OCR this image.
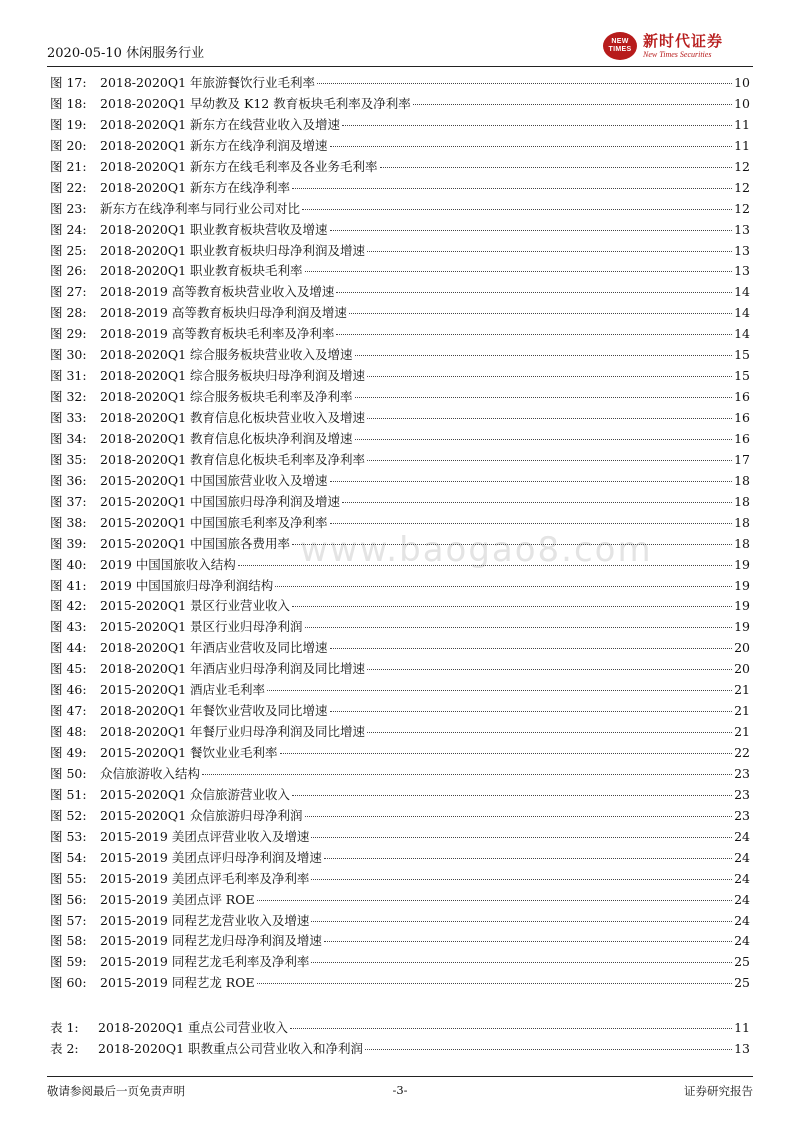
2020-05-10 休闲服务行业
NEW TIMES 新时代证券
New Times Securities
www.baogao8.com
图 17:	2018-2020Q1 年旅游餐饮行业毛利率	10
图 18:	2018-2020Q1 早幼教及 K12 教育板块毛利率及净利率	10
图 19:	2018-2020Q1 新东方在线营业收入及增速	11
图 20:	2018-2020Q1 新东方在线净利润及增速	11
图 21:	2018-2020Q1 新东方在线毛利率及各业务毛利率	12
图 22:	2018-2020Q1 新东方在线净利率	12
图 23:	新东方在线净利率与同行业公司对比	12
图 24:	2018-2020Q1 职业教育板块营收及增速	13
图 25:	2018-2020Q1 职业教育板块归母净利润及增速	13
图 26:	2018-2020Q1 职业教育板块毛利率	13
图 27:	2018-2019 高等教育板块营业收入及增速	14
图 28:	2018-2019 高等教育板块归母净利润及增速	14
图 29:	2018-2019 高等教育板块毛利率及净利率	14
图 30:	2018-2020Q1 综合服务板块营业收入及增速	15
图 31:	2018-2020Q1 综合服务板块归母净利润及增速	15
图 32:	2018-2020Q1 综合服务板块毛利率及净利率	16
图 33:	2018-2020Q1 教育信息化板块营业收入及增速	16
图 34:	2018-2020Q1 教育信息化板块净利润及增速	16
图 35:	2018-2020Q1 教育信息化板块毛利率及净利率	17
图 36:	2015-2020Q1 中国国旅营业收入及增速	18
图 37:	2015-2020Q1 中国国旅归母净利润及增速	18
图 38:	2015-2020Q1 中国国旅毛利率及净利率	18
图 39:	2015-2020Q1 中国国旅各费用率	18
图 40:	2019 中国国旅收入结构	19
图 41:	2019 中国国旅归母净利润结构	19
图 42:	2015-2020Q1 景区行业营业收入	19
图 43:	2015-2020Q1 景区行业归母净利润	19
图 44:	2018-2020Q1 年酒店业营收及同比增速	20
图 45:	2018-2020Q1 年酒店业归母净利润及同比增速	20
图 46:	2015-2020Q1 酒店业毛利率	21
图 47:	2018-2020Q1 年餐饮业营收及同比增速	21
图 48:	2018-2020Q1 年餐厅业归母净利润及同比增速	21
图 49:	2015-2020Q1 餐饮业业毛利率	22
图 50:	众信旅游收入结构	23
图 51:	2015-2020Q1 众信旅游营业收入	23
图 52:	2015-2020Q1 众信旅游归母净利润	23
图 53:	2015-2019 美团点评营业收入及增速	24
图 54:	2015-2019 美团点评归母净利润及增速	24
图 55:	2015-2019 美团点评毛利率及净利率	24
图 56:	2015-2019 美团点评 ROE	24
图 57:	2015-2019 同程艺龙营业收入及增速	24
图 58:	2015-2019 同程艺龙归母净利润及增速	24
图 59:	2015-2019 同程艺龙毛利率及净利率	25
图 60:	2015-2019 同程艺龙 ROE	25
表 1:	2018-2020Q1 重点公司营业收入	11
表 2:	2018-2020Q1 职教重点公司营业收入和净利润	13
敬请参阅最后一页免责声明	-3-	证券研究报告
